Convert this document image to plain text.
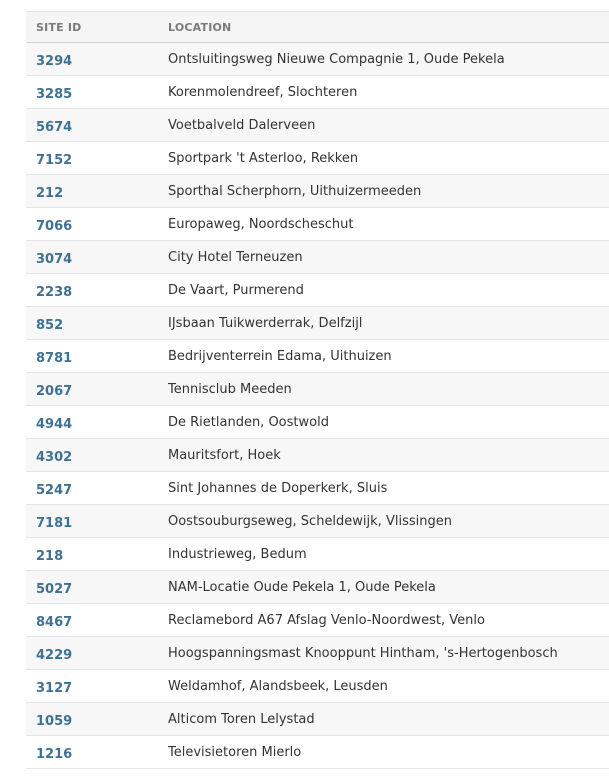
SITE ID	LOCATION
3294	Ontsluitingsweg Nieuwe Compagnie 1, Oude Pekela
3285	Korenmolendreef, Slochteren
5674	Voetbalveld Dalerveen
7152	Sportpark 't Asterloo, Rekken
212	Sporthal Scherphorn, Uithuizermeeden
7066	Europaweg, Noordscheschut
3074	City Hotel Terneuzen
2238	De Vaart, Purmerend
852	IJsbaan Tuikwerderrak, Delfzijl
8781	Bedrijventerrein Edama, Uithuizen
2067	Tennisclub Meeden
4944	De Rietlanden, Oostwold
4302	Mauritsfort, Hoek
5247	Sint Johannes de Doperkerk, Sluis
7181	Oostsouburgseweg, Scheldewijk, Vlissingen
218	Industrieweg, Bedum
5027	NAM-Locatie Oude Pekela 1, Oude Pekela
8467	Reclamebord A67 Afslag Venlo-Noordwest, Venlo
4229	Hoogspanningsmast Knooppunt Hintham, 's-Hertogenbosch
3127	Weldamhof, Alandsbeek, Leusden
1059	Alticom Toren Lelystad
1216	Televisietoren Mierlo
